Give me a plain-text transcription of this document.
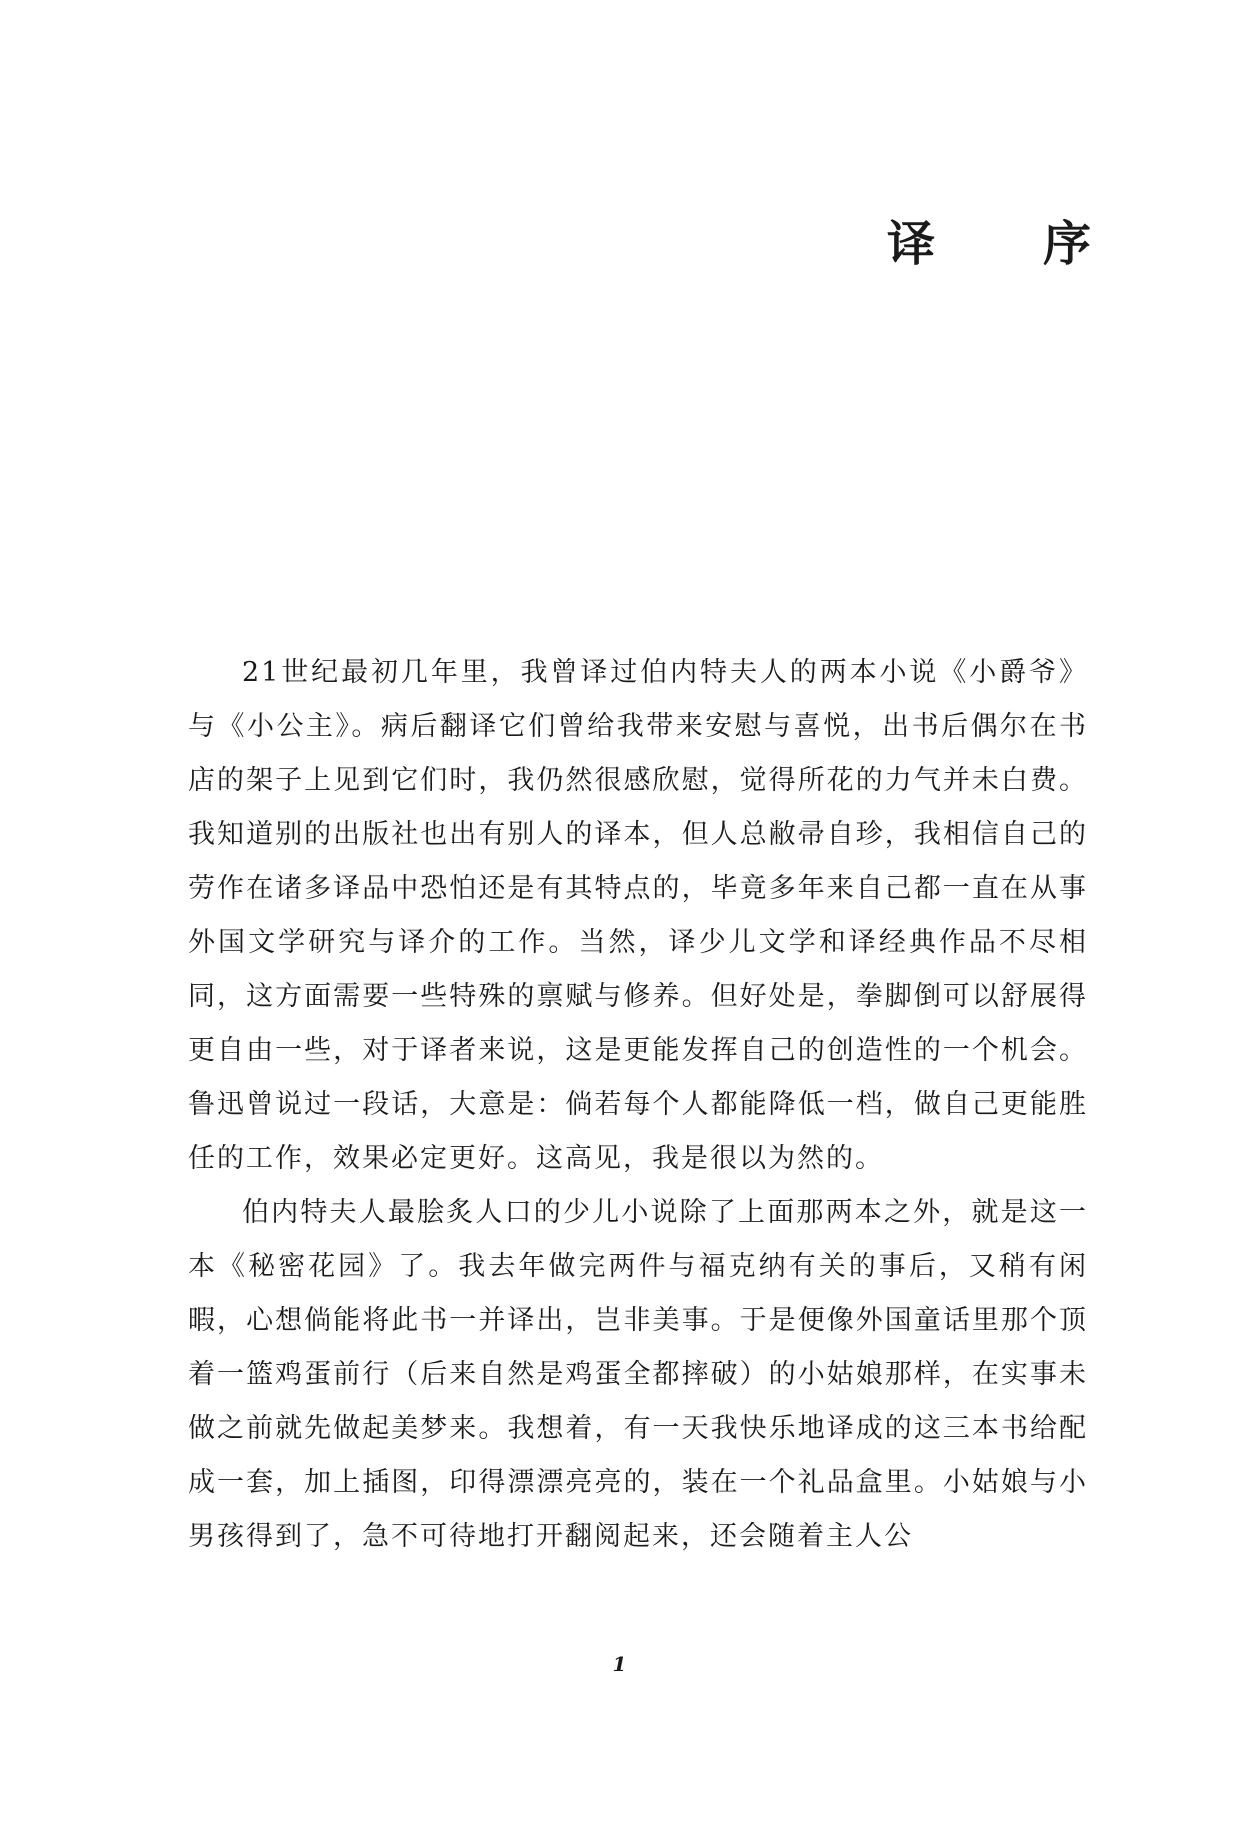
译　序

21世纪最初几年里，我曾译过伯内特夫人的两本小说《小爵爷》与《小公主》。病后翻译它们曾给我带来安慰与喜悦，出书后偶尔在书店的架子上见到它们时，我仍然很感欣慰，觉得所花的力气并未白费。我知道别的出版社也出有别人的译本，但人总敝帚自珍，我相信自己的劳作在诸多译品中恐怕还是有其特点的，毕竟多年来自己都一直在从事外国文学研究与译介的工作。当然，译少儿文学和译经典作品不尽相同，这方面需要一些特殊的禀赋与修养。但好处是，拳脚倒可以舒展得更自由一些，对于译者来说，这是更能发挥自己的创造性的一个机会。鲁迅曾说过一段话，大意是：倘若每个人都能降低一档，做自己更能胜任的工作，效果必定更好。这高见，我是很以为然的。

伯内特夫人最脍炙人口的少儿小说除了上面那两本之外，就是这一本《秘密花园》了。我去年做完两件与福克纳有关的事后，又稍有闲暇，心想倘能将此书一并译出，岂非美事。于是便像外国童话里那个顶着一篮鸡蛋前行（后来自然是鸡蛋全都摔破）的小姑娘那样，在实事未做之前就先做起美梦来。我想着，有一天我快乐地译成的这三本书给配成一套，加上插图，印得漂漂亮亮的，装在一个礼品盒里。小姑娘与小男孩得到了，急不可待地打开翻阅起来，还会随着主人公

1
